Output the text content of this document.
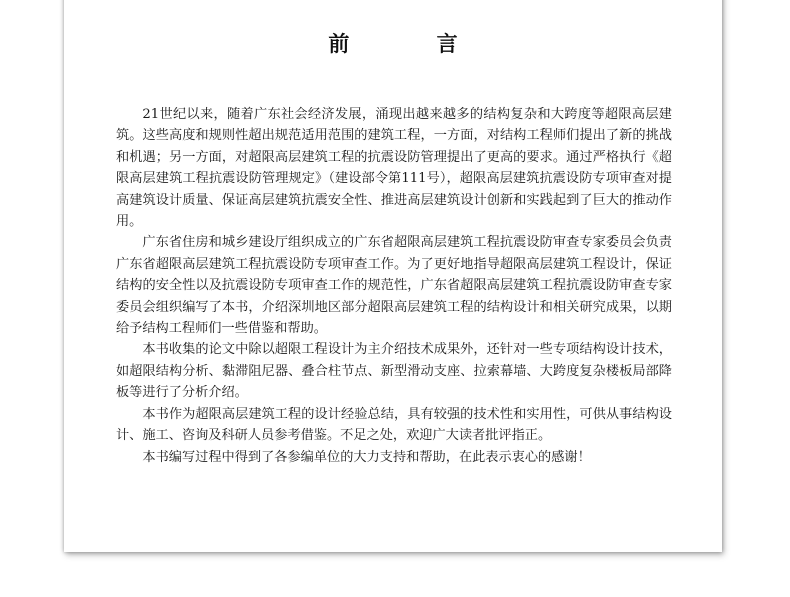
前 言

21世纪以来，随着广东社会经济发展，涌现出越来越多的结构复杂和大跨度等超限高层建筑。这些高度和规则性超出规范适用范围的建筑工程，一方面，对结构工程师们提出了新的挑战和机遇；另一方面，对超限高层建筑工程的抗震设防管理提出了更高的要求。通过严格执行《超限高层建筑工程抗震设防管理规定》（建设部令第111号），超限高层建筑抗震设防专项审查对提高建筑设计质量、保证高层建筑抗震安全性、推进高层建筑设计创新和实践起到了巨大的推动作用。

广东省住房和城乡建设厅组织成立的广东省超限高层建筑工程抗震设防审查专家委员会负责广东省超限高层建筑工程抗震设防专项审查工作。为了更好地指导超限高层建筑工程设计，保证结构的安全性以及抗震设防专项审查工作的规范性，广东省超限高层建筑工程抗震设防审查专家委员会组织编写了本书，介绍深圳地区部分超限高层建筑工程的结构设计和相关研究成果，以期给予结构工程师们一些借鉴和帮助。

本书收集的论文中除以超限工程设计为主介绍技术成果外，还针对一些专项结构设计技术，如超限结构分析、黏滞阻尼器、叠合柱节点、新型滑动支座、拉索幕墙、大跨度复杂楼板局部降板等进行了分析介绍。

本书作为超限高层建筑工程的设计经验总结，具有较强的技术性和实用性，可供从事结构设计、施工、咨询及科研人员参考借鉴。不足之处，欢迎广大读者批评指正。

本书编写过程中得到了各参编单位的大力支持和帮助，在此表示衷心的感谢！
